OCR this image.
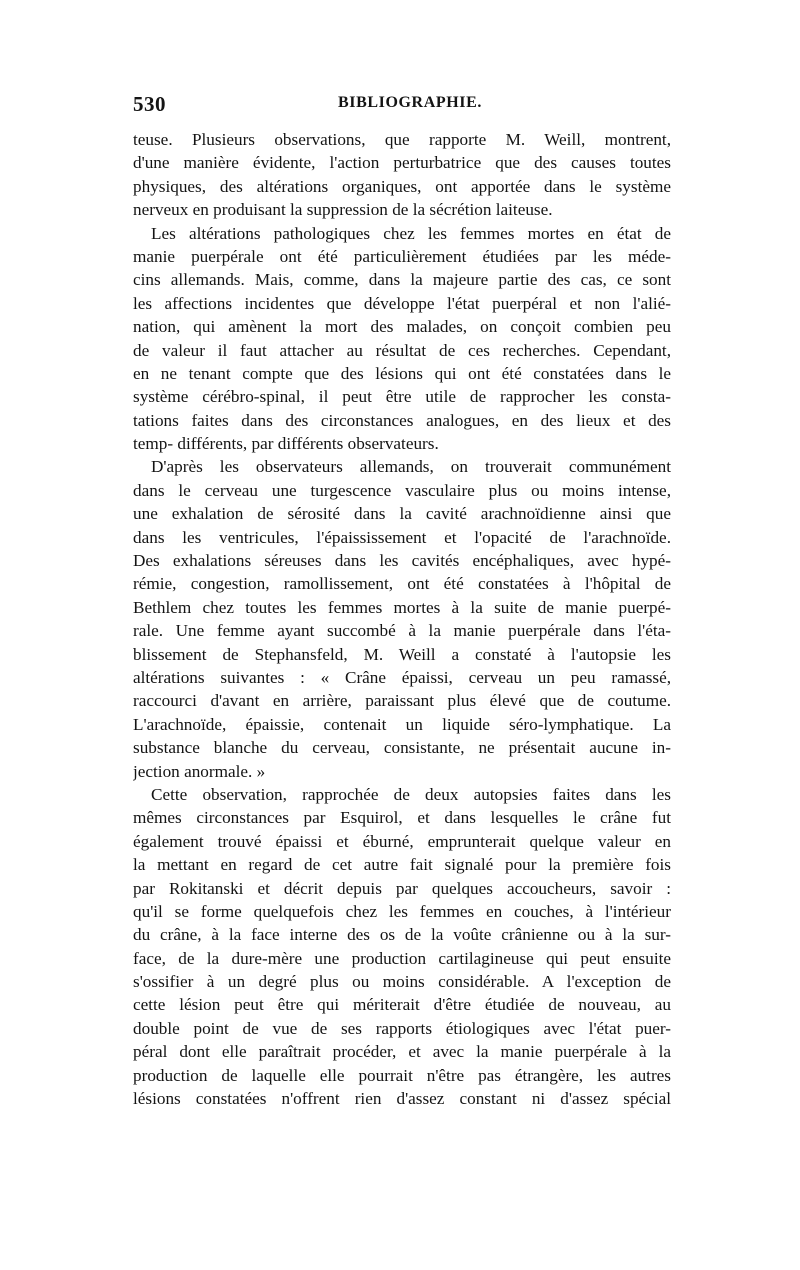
530	BIBLIOGRAPHIE.
teuse. Plusieurs observations, que rapporte M. Weill, montrent,
d'une manière évidente, l'action perturbatrice que des causes toutes
physiques, des altérations organiques, ont apportée dans le système
nerveux en produisant la suppression de la sécrétion laiteuse.
Les altérations pathologiques chez les femmes mortes en état de
manie puerpérale ont été particulièrement étudiées par les méde-
cins allemands. Mais, comme, dans la majeure partie des cas, ce sont
les affections incidentes que développe l'état puerpéral et non l'alié-
nation, qui amènent la mort des malades, on conçoit combien peu
de valeur il faut attacher au résultat de ces recherches. Cependant,
en ne tenant compte que des lésions qui ont été constatées dans le
système cérébro-spinal, il peut être utile de rapprocher les consta-
tations faites dans des circonstances analogues, en des lieux et des
temp- différents, par différents observateurs.
D'après les observateurs allemands, on trouverait communément
dans le cerveau une turgescence vasculaire plus ou moins intense,
une exhalation de sérosité dans la cavité arachnoïdienne ainsi que
dans les ventricules, l'épaississement et l'opacité de l'arachnoïde.
Des exhalations séreuses dans les cavités encéphaliques, avec hypé-
rémie, congestion, ramollissement, ont été constatées à l'hôpital de
Bethlem chez toutes les femmes mortes à la suite de manie puerpé-
rale. Une femme ayant succombé à la manie puerpérale dans l'éta-
blissement de Stephansfeld, M. Weill a constaté à l'autopsie les
altérations suivantes : « Crâne épaissi, cerveau un peu ramassé,
raccourci d'avant en arrière, paraissant plus élevé que de coutume.
L'arachnoïde, épaissie, contenait un liquide séro-lymphatique. La
substance blanche du cerveau, consistante, ne présentait aucune in-
jection anormale. »
Cette observation, rapprochée de deux autopsies faites dans les
mêmes circonstances par Esquirol, et dans lesquelles le crâne fut
également trouvé épaissi et éburné, emprunterait quelque valeur en
la mettant en regard de cet autre fait signalé pour la première fois
par Rokitanski et décrit depuis par quelques accoucheurs, savoir :
qu'il se forme quelquefois chez les femmes en couches, à l'intérieur
du crâne, à la face interne des os de la voûte crânienne ou à la sur-
face, de la dure-mère une production cartilagineuse qui peut ensuite
s'ossifier à un degré plus ou moins considérable. A l'exception de
cette lésion peut être qui mériterait d'être étudiée de nouveau, au
double point de vue de ses rapports étiologiques avec l'état puer-
péral dont elle paraîtrait procéder, et avec la manie puerpérale à la
production de laquelle elle pourrait n'être pas étrangère, les autres
lésions constatées n'offrent rien d'assez constant ni d'assez spécial
